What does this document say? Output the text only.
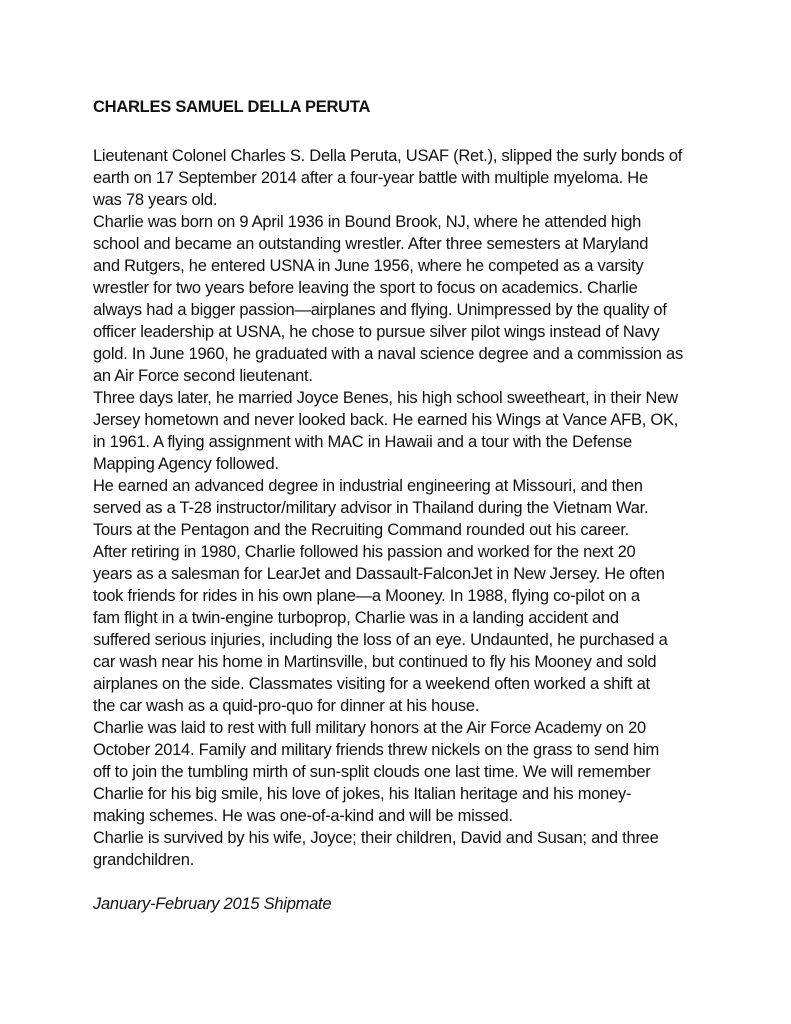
CHARLES SAMUEL DELLA PERUTA

Lieutenant Colonel Charles S. Della Peruta, USAF (Ret.), slipped the surly bonds of
earth on 17 September 2014 after a four-year battle with multiple myeloma. He
was 78 years old.

Charlie was born on 9 April 1936 in Bound Brook, NJ, where he attended high
school and became an outstanding wrestler. After three semesters at Maryland
and Rutgers, he entered USNA in June 1956, where he competed as a varsity
wrestler for two years before leaving the sport to focus on academics. Charlie
always had a bigger passion—airplanes and flying. Unimpressed by the quality of
officer leadership at USNA, he chose to pursue silver pilot wings instead of Navy
gold. In June 1960, he graduated with a naval science degree and a commission as
an Air Force second lieutenant.

Three days later, he married Joyce Benes, his high school sweetheart, in their New
Jersey hometown and never looked back. He earned his Wings at Vance AFB, OK,
in 1961. A flying assignment with MAC in Hawaii and a tour with the Defense
Mapping Agency followed.

He earned an advanced degree in industrial engineering at Missouri, and then
served as a T-28 instructor/military advisor in Thailand during the Vietnam War.
Tours at the Pentagon and the Recruiting Command rounded out his career.

After retiring in 1980, Charlie followed his passion and worked for the next 20
years as a salesman for LearJet and Dassault-FalconJet in New Jersey. He often
took friends for rides in his own plane—a Mooney. In 1988, flying co-pilot on a
fam flight in a twin-engine turboprop, Charlie was in a landing accident and
suffered serious injuries, including the loss of an eye. Undaunted, he purchased a
car wash near his home in Martinsville, but continued to fly his Mooney and sold
airplanes on the side. Classmates visiting for a weekend often worked a shift at
the car wash as a quid-pro-quo for dinner at his house.

Charlie was laid to rest with full military honors at the Air Force Academy on 20
October 2014. Family and military friends threw nickels on the grass to send him
off to join the tumbling mirth of sun-split clouds one last time. We will remember
Charlie for his big smile, his love of jokes, his Italian heritage and his money-
making schemes. He was one-of-a-kind and will be missed.

Charlie is survived by his wife, Joyce; their children, David and Susan; and three
grandchildren.

January-February 2015 Shipmate
